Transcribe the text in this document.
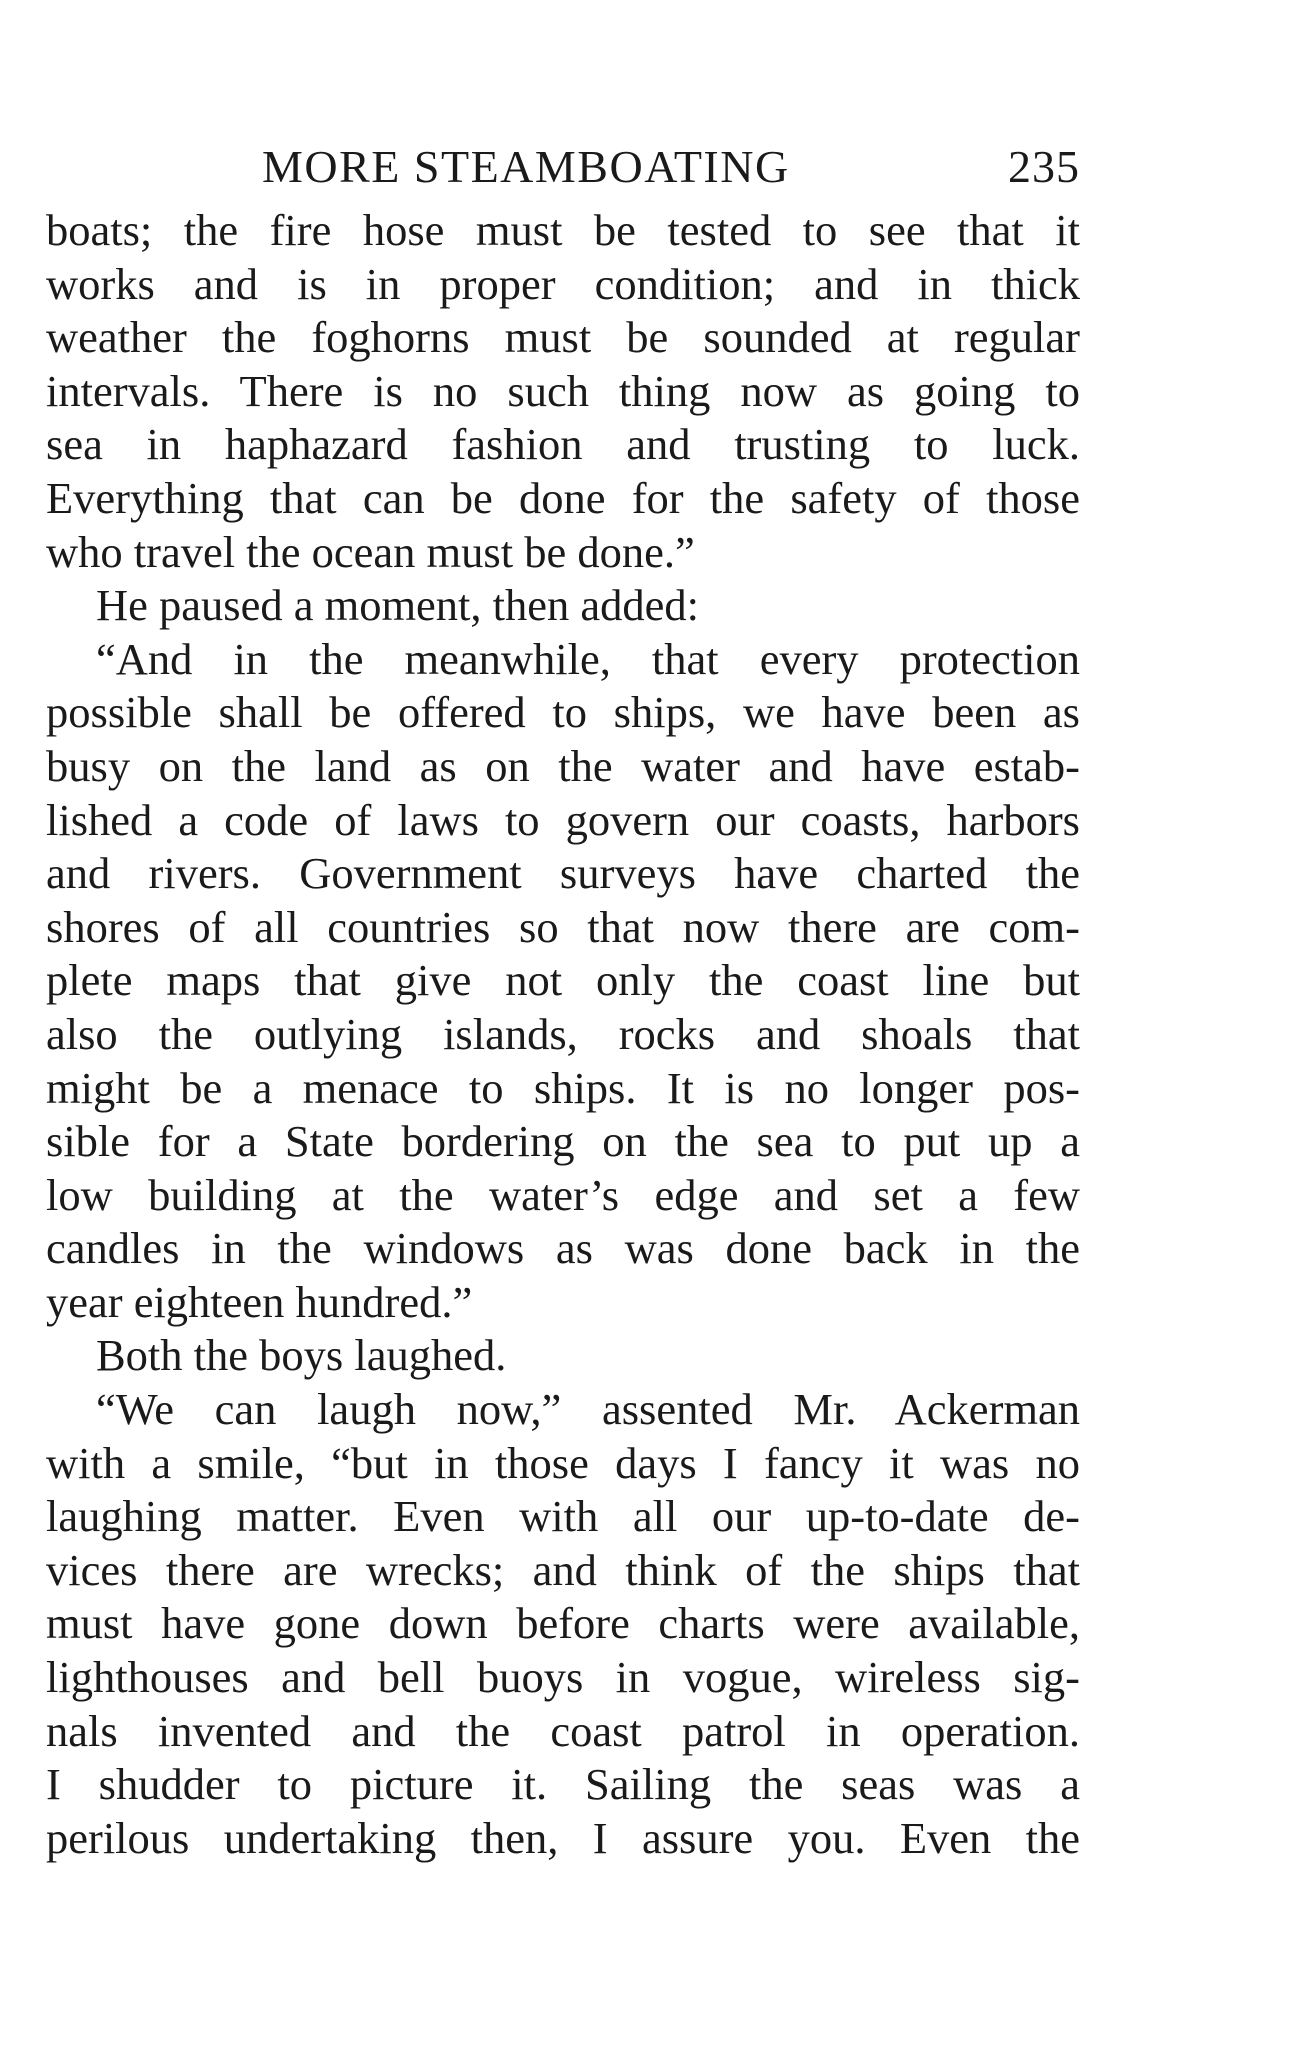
MORE STEAMBOATING	235
boats; the fire hose must be tested to see that it
works and is in proper condition; and in thick
weather the foghorns must be sounded at regular
intervals. There is no such thing now as going to
sea in haphazard fashion and trusting to luck.
Everything that can be done for the safety of those
who travel the ocean must be done.”
He paused a moment, then added:
“And in the meanwhile, that every protection
possible shall be offered to ships, we have been as
busy on the land as on the water and have estab-
lished a code of laws to govern our coasts, harbors
and rivers. Government surveys have charted the
shores of all countries so that now there are com-
plete maps that give not only the coast line but
also the outlying islands, rocks and shoals that
might be a menace to ships. It is no longer pos-
sible for a State bordering on the sea to put up a
low building at the water’s edge and set a few
candles in the windows as was done back in the
year eighteen hundred.”
Both the boys laughed.
“We can laugh now,” assented Mr. Ackerman
with a smile, “but in those days I fancy it was no
laughing matter. Even with all our up-to-date de-
vices there are wrecks; and think of the ships that
must have gone down before charts were available,
lighthouses and bell buoys in vogue, wireless sig-
nals invented and the coast patrol in operation.
I shudder to picture it. Sailing the seas was a
perilous undertaking then, I assure you. Even the
